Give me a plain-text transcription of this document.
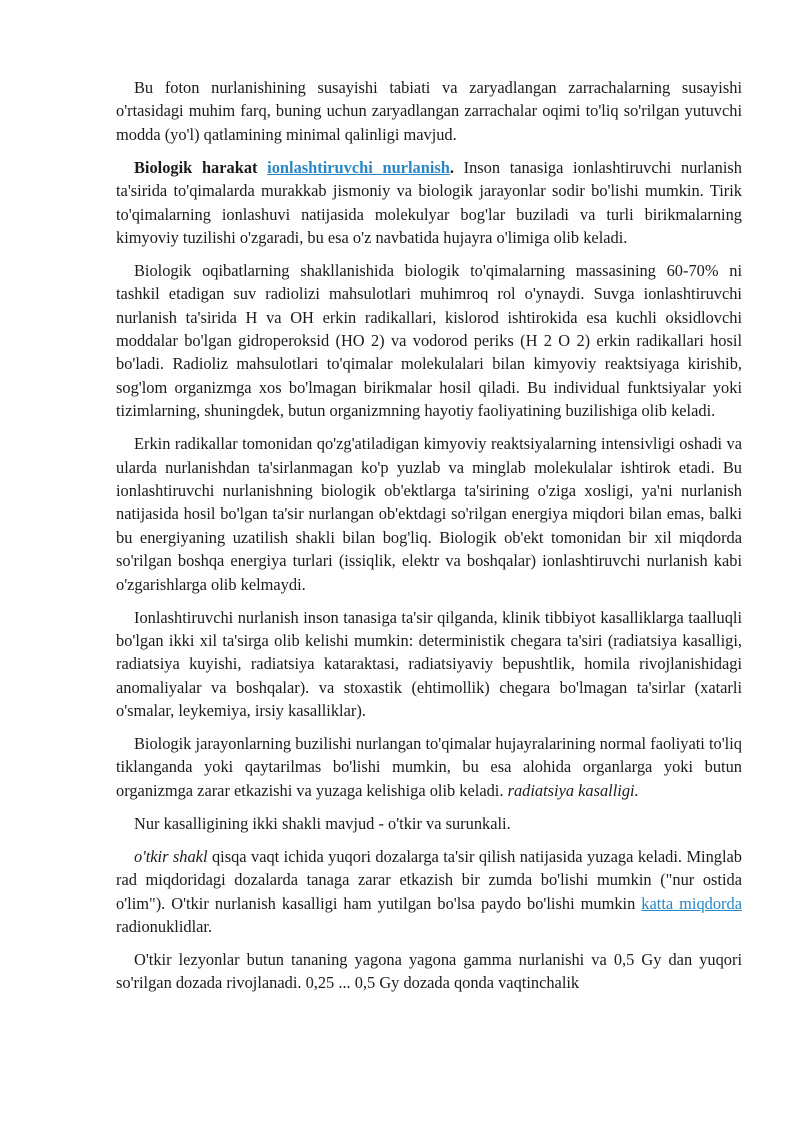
Bu foton nurlanishining susayishi tabiati va zaryadlangan zarrachalarning susayishi o'rtasidagi muhim farq, buning uchun zaryadlangan zarrachalar oqimi to'liq so'rilgan yutuvchi modda (yo'l) qatlamining minimal qalinligi mavjud.

Biologik harakat ionlashtiruvchi nurlanish. Inson tanasiga ionlashtiruvchi nurlanish ta'sirida to'qimalarda murakkab jismoniy va biologik jarayonlar sodir bo'lishi mumkin. Tirik to'qimalarning ionlashuvi natijasida molekulyar bog'lar buziladi va turli birikmalarning kimyoviy tuzilishi o'zgaradi, bu esa o'z navbatida hujayra o'limiga olib keladi.

Biologik oqibatlarning shakllanishida biologik to'qimalarning massasining 60-70% ni tashkil etadigan suv radiolizi mahsulotlari muhimroq rol o'ynaydi. Suvga ionlashtiruvchi nurlanish ta'sirida H va OH erkin radikallari, kislorod ishtirokida esa kuchli oksidlovchi moddalar bo'lgan gidroperoksid (HO 2) va vodorod periks (H 2 O 2) erkin radikallari hosil bo'ladi. Radioliz mahsulotlari to'qimalar molekulalari bilan kimyoviy reaktsiyaga kirishib, sog'lom organizmga xos bo'lmagan birikmalar hosil qiladi. Bu individual funktsiyalar yoki tizimlarning, shuningdek, butun organizmning hayotiy faoliyatining buzilishiga olib keladi.

Erkin radikallar tomonidan qo'zg'atiladigan kimyoviy reaktsiyalarning intensivligi oshadi va ularda nurlanishdan ta'sirlanmagan ko'p yuzlab va minglab molekulalar ishtirok etadi. Bu ionlashtiruvchi nurlanishning biologik ob'ektlarga ta'sirining o'ziga xosligi, ya'ni nurlanish natijasida hosil bo'lgan ta'sir nurlangan ob'ektdagi so'rilgan energiya miqdori bilan emas, balki bu energiyaning uzatilish shakli bilan bog'liq. Biologik ob'ekt tomonidan bir xil miqdorda so'rilgan boshqa energiya turlari (issiqlik, elektr va boshqalar) ionlashtiruvchi nurlanish kabi o'zgarishlarga olib kelmaydi.

Ionlashtiruvchi nurlanish inson tanasiga ta'sir qilganda, klinik tibbiyot kasalliklarga taalluqli bo'lgan ikki xil ta'sirga olib kelishi mumkin: deterministik chegara ta'siri (radiatsiya kasalligi, radiatsiya kuyishi, radiatsiya kataraktasi, radiatsiyaviy bepushtlik, homila rivojlanishidagi anomaliyalar va boshqalar). va stoxastik (ehtimollik) chegara bo'lmagan ta'sirlar (xatarli o'smalar, leykemiya, irsiy kasalliklar).

Biologik jarayonlarning buzilishi nurlangan to'qimalar hujayralarining normal faoliyati to'liq tiklanganda yoki qaytarilmas bo'lishi mumkin, bu esa alohida organlarga yoki butun organizmga zarar etkazishi va yuzaga kelishiga olib keladi. radiatsiya kasalligi.

Nur kasalligining ikki shakli mavjud - o'tkir va surunkali.

o'tkir shakl qisqa vaqt ichida yuqori dozalarga ta'sir qilish natijasida yuzaga keladi. Minglab rad miqdoridagi dozalarda tanaga zarar etkazish bir zumda bo'lishi mumkin ("nur ostida o'lim"). O'tkir nurlanish kasalligi ham yutilgan bo'lsa paydo bo'lishi mumkin katta miqdorda radionuklidlar.

O'tkir lezyonlar butun tananing yagona yagona gamma nurlanishi va 0,5 Gy dan yuqori so'rilgan dozada rivojlanadi. 0,25 ... 0,5 Gy dozada qonda vaqtinchalik
